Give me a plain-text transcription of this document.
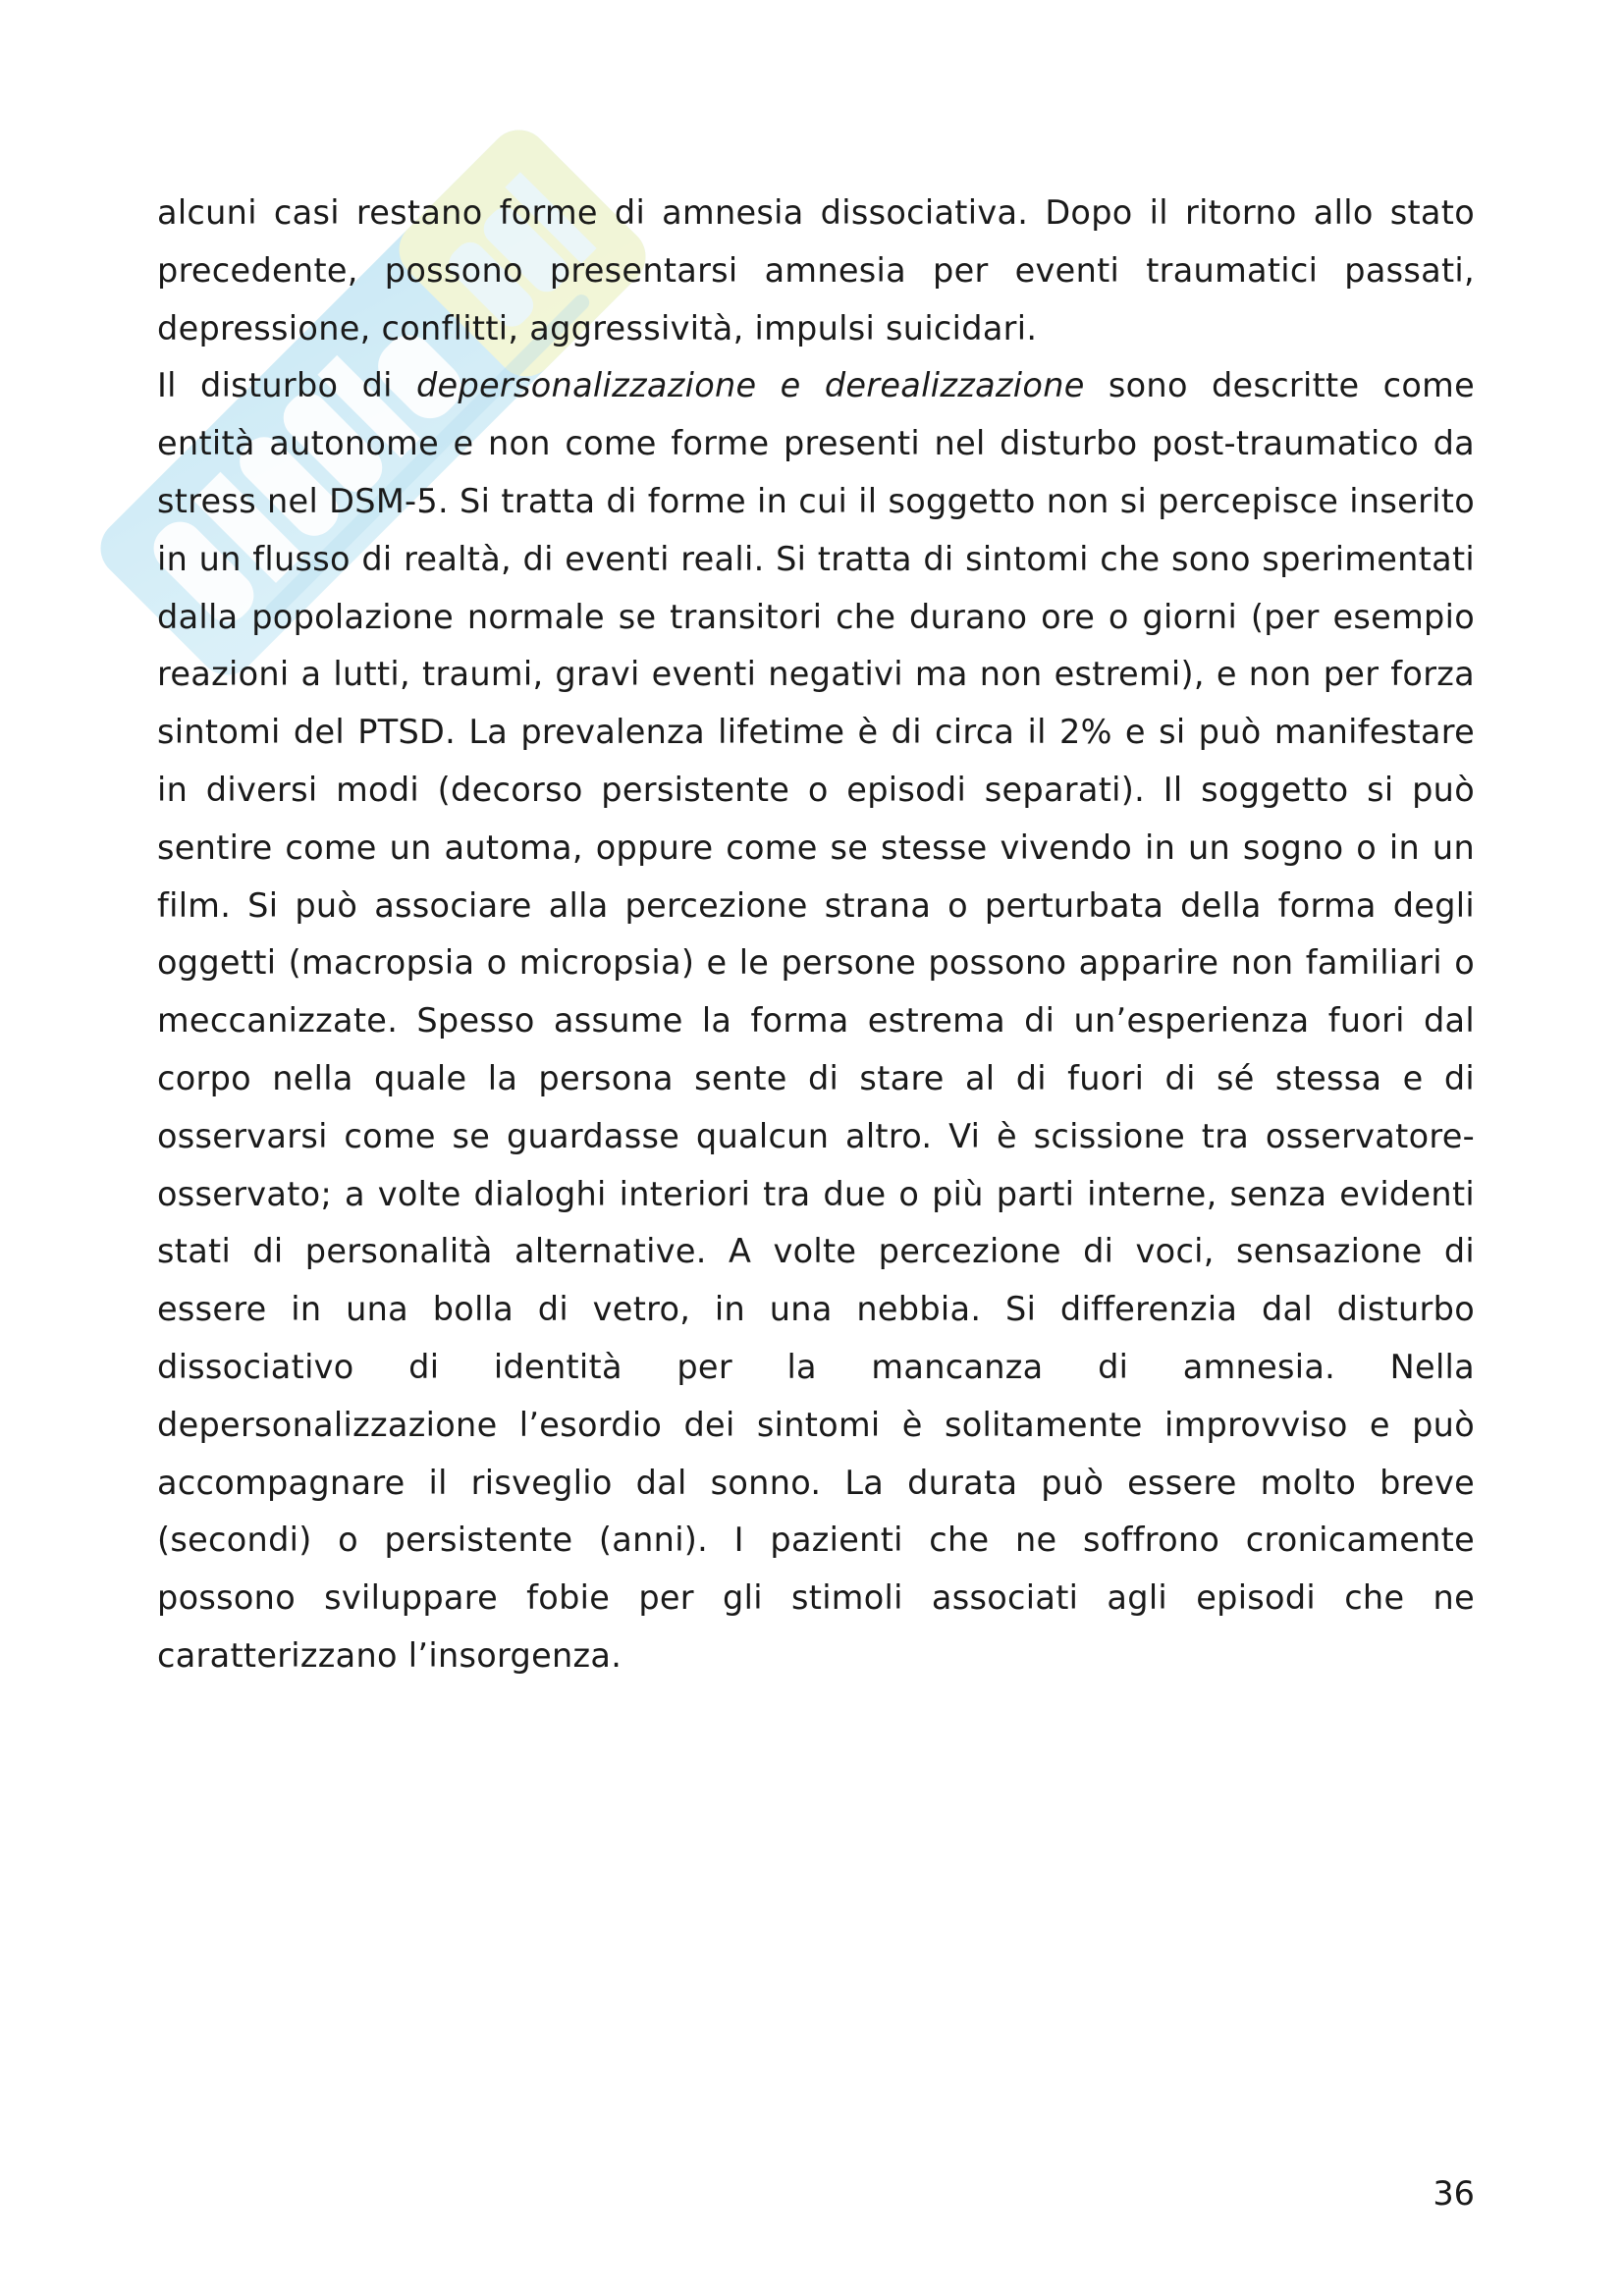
alcuni casi restano forme di amnesia dissociativa. Dopo il ritorno allo stato precedente, possono presentarsi amnesia per eventi traumatici passati, depressione, conflitti, aggressività, impulsi suicidari.

Il disturbo di depersonalizzazione e derealizzazione sono descritte come entità autonome e non come forme presenti nel disturbo post-traumatico da stress nel DSM-5. Si tratta di forme in cui il soggetto non si percepisce inserito in un flusso di realtà, di eventi reali. Si tratta di sintomi che sono sperimentati dalla popolazione normale se transitori che durano ore o giorni (per esempio reazioni a lutti, traumi, gravi eventi negativi ma non estremi), e non per forza sintomi del PTSD. La prevalenza lifetime è di circa il 2% e si può manifestare in diversi modi (decorso persistente o episodi separati). Il soggetto si può sentire come un automa, oppure come se stesse vivendo in un sogno o in un film. Si può associare alla percezione strana o perturbata della forma degli oggetti (macropsia o micropsia) e le persone possono apparire non familiari o meccanizzate. Spesso assume la forma estrema di un’esperienza fuori dal corpo nella quale la persona sente di stare al di fuori di sé stessa e di osservarsi come se guardasse qualcun altro. Vi è scissione tra osservatore-osservato; a volte dialoghi interiori tra due o più parti interne, senza evidenti stati di personalità alternative. A volte percezione di voci, sensazione di essere in una bolla di vetro, in una nebbia. Si differenzia dal disturbo dissociativo di identità per la mancanza di amnesia. Nella depersonalizzazione l’esordio dei sintomi è solitamente improvviso e può accompagnare il risveglio dal sonno. La durata può essere molto breve (secondi) o persistente (anni). I pazienti che ne soffrono cronicamente possono sviluppare fobie per gli stimoli associati agli episodi che ne caratterizzano l’insorgenza.

36
